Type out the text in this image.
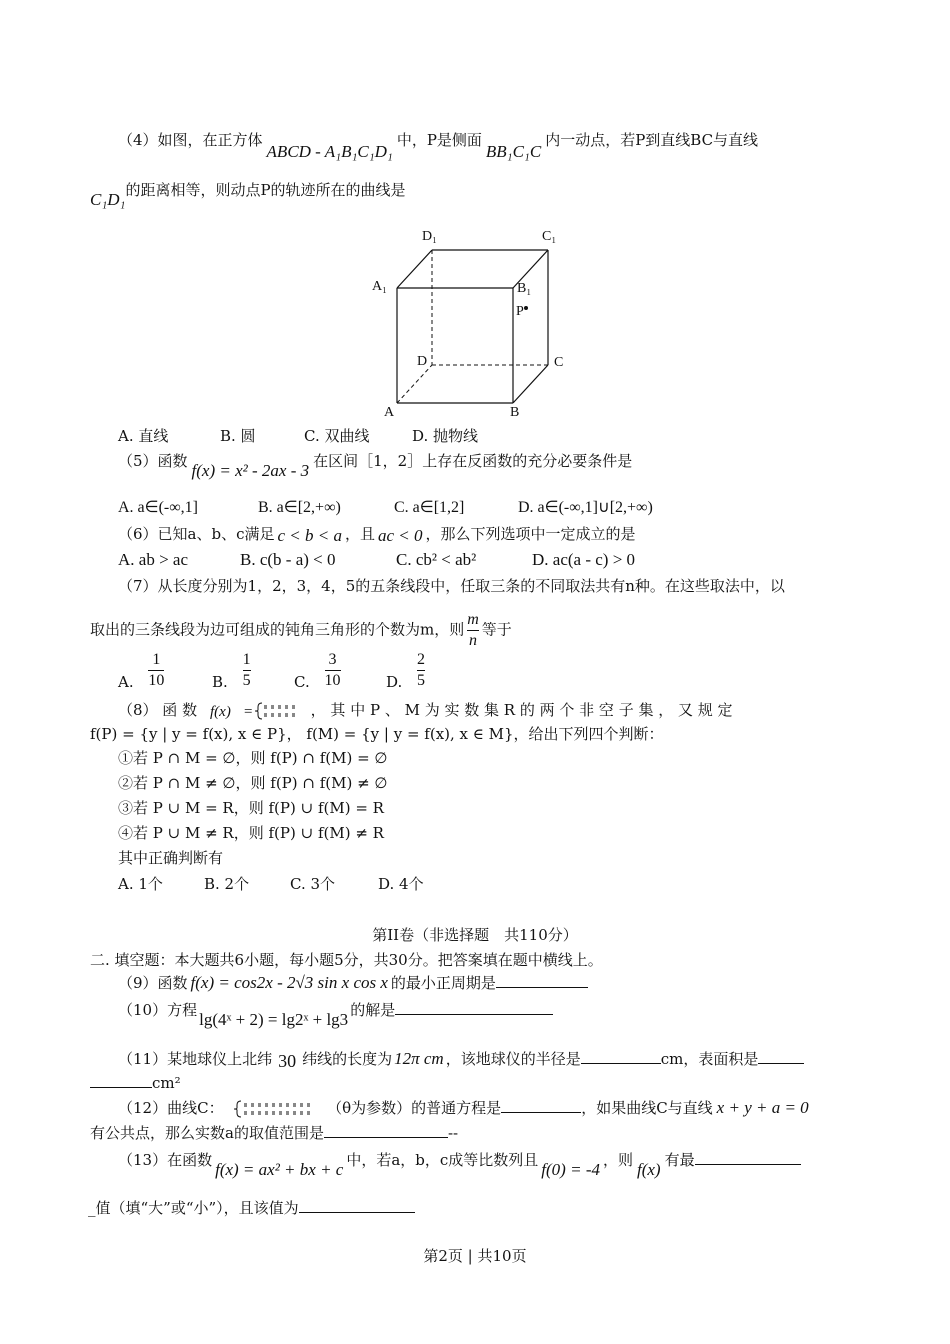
（4）如图，在正方体ABCD - A₁B₁C₁D₁中，P是侧面BB₁C₁C内一动点，若P到直线BC与直线
C₁D₁的距离相等，则动点P的轨迹所在的曲线是
D₁	C₁
A₁	B₁
P
D	C
A	B
A. 直线	B. 圆	C. 双曲线	D. 抛物线
（5）函数 f(x) = x² - 2ax - 3 在区间［1，2］上存在反函数的充分必要条件是
A. a∈(-∞,1]	B. a∈[2,+∞)	C. a∈[1,2]	D. a∈(-∞,1]∪[2,+∞)
（6）已知a、b、c满足 c < b < a ，且 ac < 0 ，那么下列选项中一定成立的是
A. ab > ac	B. c(b - a) < 0	C. cb² < ab²	D. ac(a - c) > 0
（7）从长度分别为1，2，3，4，5的五条线段中，任取三条的不同取法共有n种。在这些取法中，以
取出的三条线段为边可组成的钝角三角形的个数为m，则 $\frac{m}{n}$ 等于
A. $\frac{1}{10}$	B. $\frac{1}{5}$	C. $\frac{3}{10}$	D. $\frac{2}{5}$
（8） 函 数 f(x) =	， 其 中 P 、 M 为 实 数 集 R 的 两 个 非 空 子 集 ， 又 规 定
f(P) = {y | y = f(x), x ∈ P}， f(M) = {y | y = f(x), x ∈ M}，给出下列四个判断：
①若 P ∩ M = ∅，则 f(P) ∩ f(M) = ∅
②若 P ∩ M ≠ ∅，则 f(P) ∩ f(M) ≠ ∅
③若 P ∪ M = R，则 f(P) ∪ f(M) = R
④若 P ∪ M ≠ R，则 f(P) ∪ f(M) ≠ R
其中正确判断有
A. 1个	B. 2个	C. 3个	D. 4个
第II卷（非选择题　共110分）
二. 填空题：本大题共6小题，每小题5分，共30分。把答案填在题中横线上。
（9）函数 f(x) = cos2x - 2√3 sin x cos x 的最小正周期是
（10）方程 lg(4ˣ + 2) = lg2ˣ + lg3 的解是
（11）某地球仪上北纬 30 纬线的长度为 12π cm ，该地球仪的半径是	cm，表面积是
cm²
（12）曲线C：	（θ为参数）的普通方程是	，如果曲线C与直线 x + y + a = 0
有公共点，那么实数a的取值范围是	--
（13）在函数 f(x) = ax² + bx + c 中，若a，b，c成等比数列且 f(0) = -4 ，则 f(x) 有最
_值（填“大”或“小”），且该值为
第2页 | 共10页
